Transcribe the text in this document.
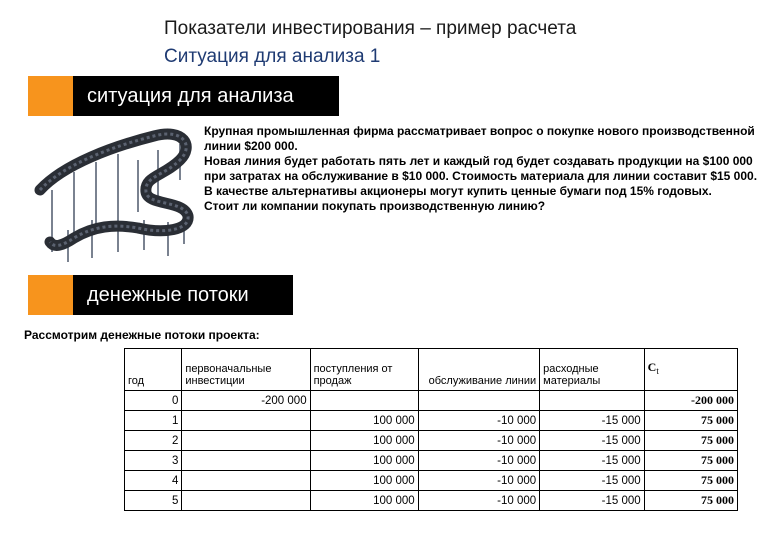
Показатели инвестирования – пример расчета
Ситуация для анализа 1
ситуация для анализа

Крупная промышленная фирма рассматривает вопрос о покупке нового производственной линии $200 000.

Новая линия будет работать пять лет и каждый год будет создавать продукции на $100 000 при затратах на обслуживание в $10 000. Стоимость материала для линии составит $15 000.

В качестве альтернативы акционеры могут купить ценные бумаги под 15% годовых.

Стоит ли компании покупать производственную линию?

денежные потоки
Рассмотрим денежные потоки проекта:
год	первоначальные инвестиции	поступления от продаж	обслуживание линии	расходные материалы	$C_t$
0	-200 000				-200 000
1		100 000	-10 000	-15 000	75 000
2		100 000	-10 000	-15 000	75 000
3		100 000	-10 000	-15 000	75 000
4		100 000	-10 000	-15 000	75 000
5		100 000	-10 000	-15 000	75 000
